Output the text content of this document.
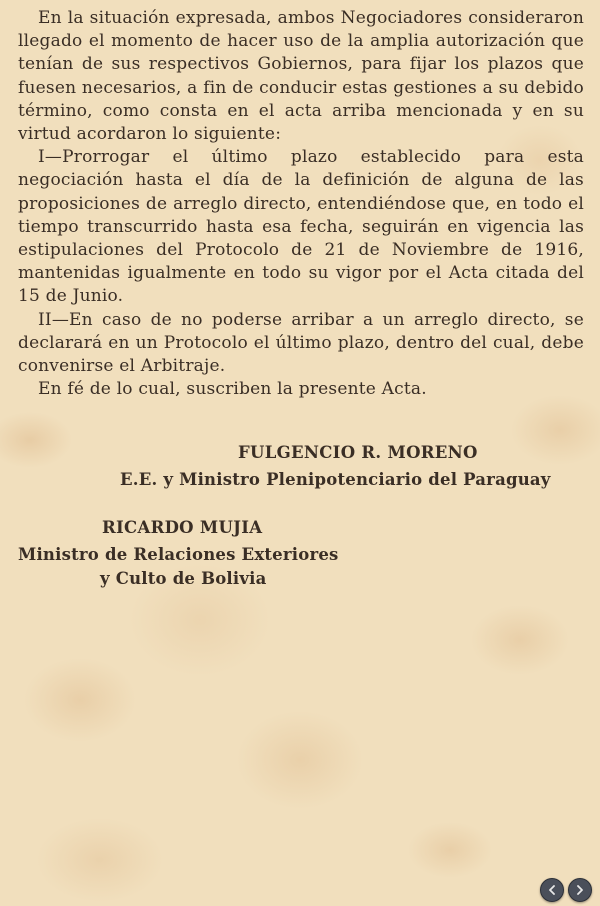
En la situación expresada, ambos Negociadores consideraron llegado el momento de hacer uso de la amplia autorización que tenían de sus respectivos Gobiernos, para fijar los plazos que fuesen necesarios, a fin de conducir estas gestiones a su debido término, como consta en el acta arriba mencionada y en su virtud acordaron lo siguiente:

I—Prorrogar el último plazo establecido para esta negociación hasta el día de la definición de alguna de las proposiciones de arreglo directo, entendiéndose que, en todo el tiempo transcurrido hasta esa fecha, seguirán en vigencia las estipulaciones del Protocolo de 21 de Noviembre de 1916, mantenidas igualmente en todo su vigor por el Acta citada del 15 de Junio.

II—En caso de no poderse arribar a un arreglo directo, se declarará en un Protocolo el último plazo, dentro del cual, debe convenirse el Arbitraje.

En fé de lo cual, suscriben la presente Acta.

FULGENCIO R. MORENO
E.E. y Ministro Plenipotenciario del Paraguay
RICARDO MUJIA
Ministro de Relaciones Exteriores
y Culto de Bolivia
